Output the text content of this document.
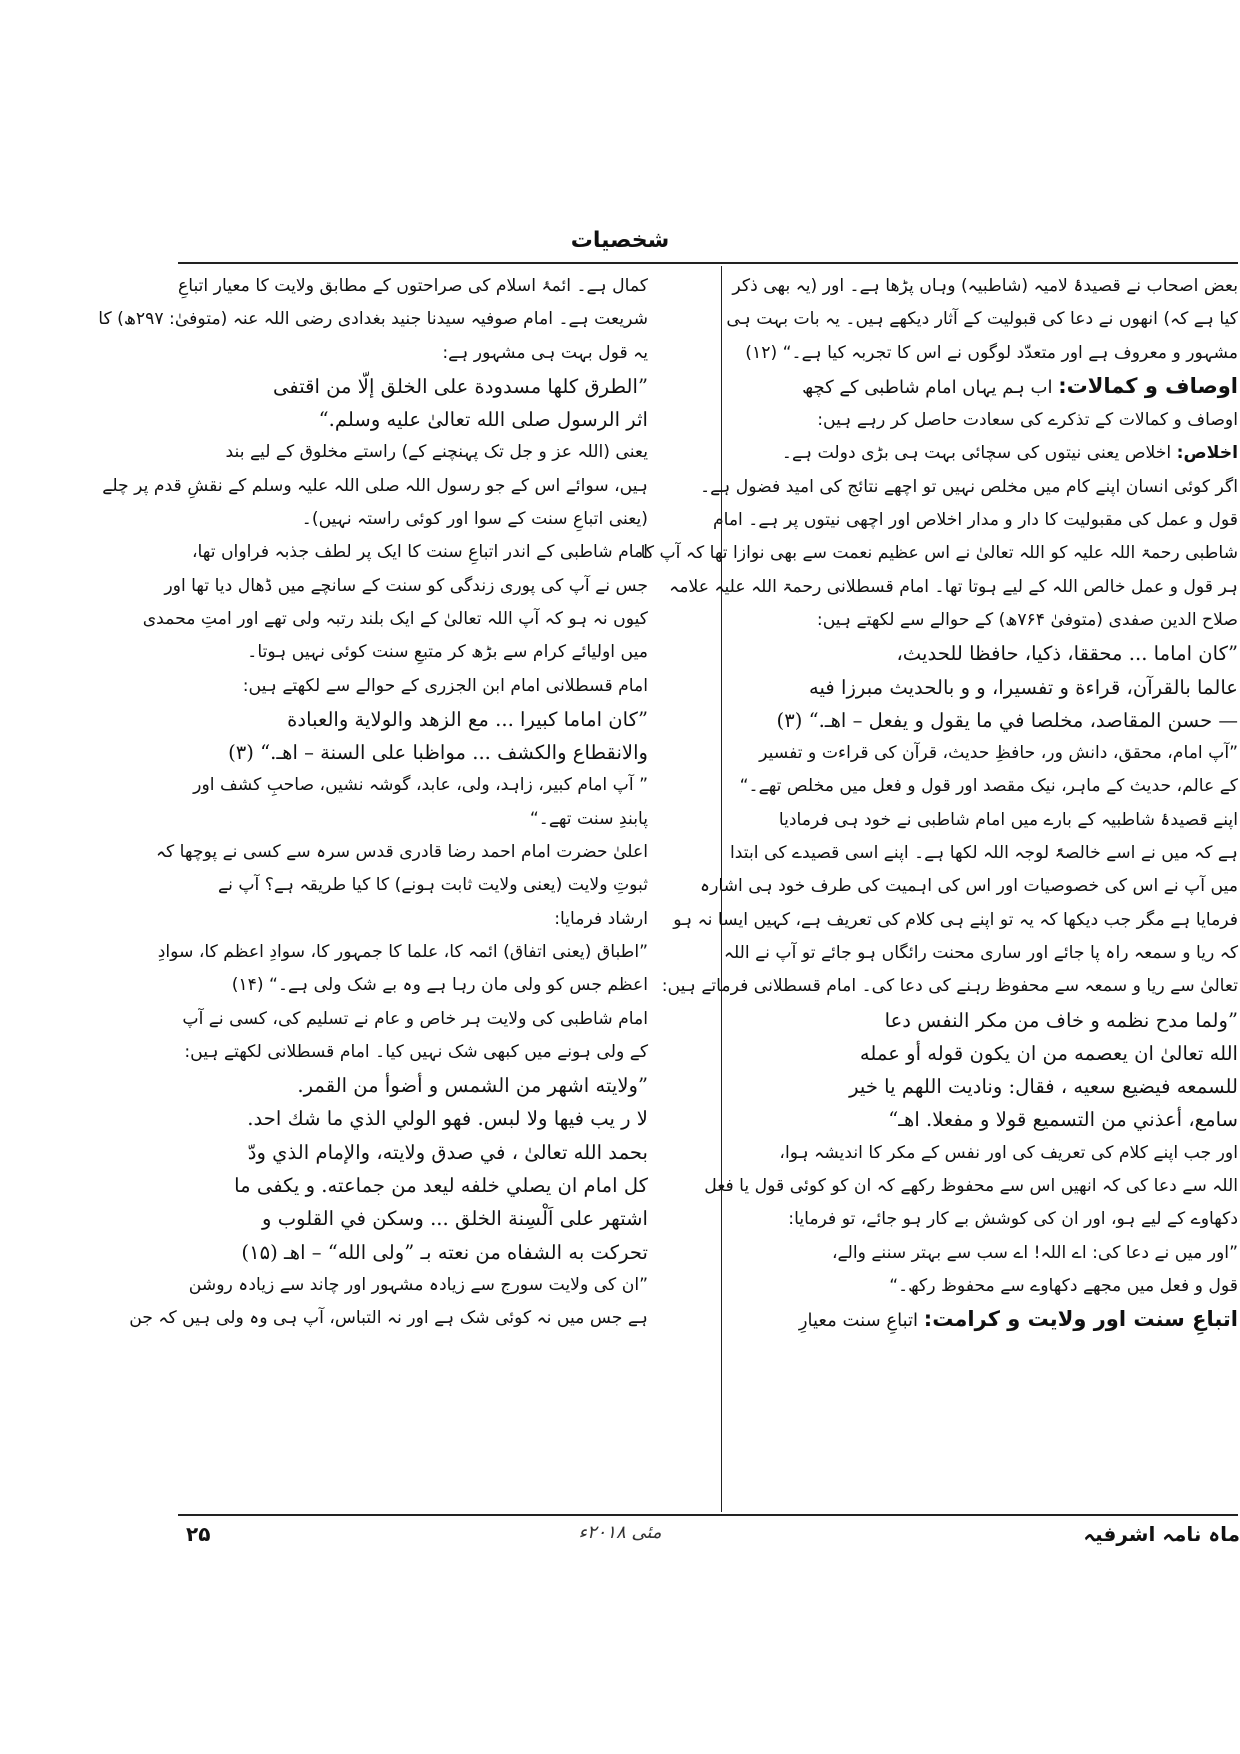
شخصیات
بعض اصحاب نے قصیدۂ لامیہ (شاطبیہ) وہاں پڑھا ہے۔ اور (یہ بھی ذکر
کیا ہے کہ) انھوں نے دعا کی قبولیت کے آثار دیکھے ہیں۔ یہ بات بہت ہی
مشہور و معروف ہے اور متعدّد لوگوں نے اس کا تجربہ کیا ہے۔“ (۱۲)
اوصاف و کمالات: اب ہم یہاں امام شاطبی کے کچھ
اوصاف و کمالات کے تذکرے کی سعادت حاصل کر رہے ہیں:
اخلاص: اخلاص یعنی نیتوں کی سچائی بہت ہی بڑی دولت ہے۔
اگر کوئی انسان اپنے کام میں مخلص نہیں تو اچھے نتائج کی امید فضول ہے۔
قول و عمل کی مقبولیت کا دار و مدار اخلاص اور اچھی نیتوں پر ہے۔ امام
شاطبی رحمۃ اللہ علیہ کو اللہ تعالیٰ نے اس عظیم نعمت سے بھی نوازا تھا کہ آپ کا
ہر قول و عمل خالص اللہ کے لیے ہوتا تھا۔ امام قسطلانی رحمۃ اللہ علیہ علامہ
صلاح الدین صفدی (متوفیٰ ۷۶۴ھ) کے حوالے سے لکھتے ہیں:
”کان اماما ... محققا، ذکیا، حافظا للحدیث،
عالما بالقرآن، قراءة و تفسیرا، و و بالحدیث مبرزا فیه
— حسن المقاصد، مخلصا في ما یقول و یفعل – اهـ.“ (۳)
”آپ امام، محقق، دانش ور، حافظِ حدیث، قرآن کی قراءت و تفسیر
کے عالم، حدیث کے ماہر، نیک مقصد اور قول و فعل میں مخلص تھے۔“
اپنے قصیدۂ شاطبیہ کے بارے میں امام شاطبی نے خود ہی فرمادیا
ہے کہ میں نے اسے خالصۃً لوجہ اللہ لکھا ہے۔ اپنے اسی قصیدے کی ابتدا
میں آپ نے اس کی خصوصیات اور اس کی اہمیت کی طرف خود ہی اشارہ
فرمایا ہے مگر جب دیکھا کہ یہ تو اپنے ہی کلام کی تعریف ہے، کہیں ایسا نہ ہو
کہ ریا و سمعہ راہ پا جائے اور ساری محنت رائگاں ہو جائے تو آپ نے اللہ
تعالیٰ سے ریا و سمعہ سے محفوظ رہنے کی دعا کی۔ امام قسطلانی فرماتے ہیں:
”ولما مدح نظمه و خاف من مکر النفس دعا
الله تعالیٰ ان یعصمه من ان یکون قوله أو عمله
للسمعه فیضیع سعیه ، فقال: ونادیت اللهم یا خیر
سامع، أعذني من التسمیع قولا و مفعلا. اهـ“
اور جب اپنے کلام کی تعریف کی اور نفس کے مکر کا اندیشہ ہوا،
اللہ سے دعا کی کہ انھیں اس سے محفوظ رکھے کہ ان کو کوئی قول یا فعل
دکھاوے کے لیے ہو، اور ان کی کوشش بے کار ہو جائے، تو فرمایا:
”اور میں نے دعا کی: اے اللہ! اے سب سے بہتر سننے والے،
قول و فعل میں مجھے دکھاوے سے محفوظ رکھ۔“
اتباعِ سنت اور ولایت و کرامت: اتباعِ سنت معیارِ
کمال ہے۔ ائمۂ اسلام کی صراحتوں کے مطابق ولایت کا معیار اتباعِ
شریعت ہے۔ امام صوفیہ سیدنا جنید بغدادی رضی اللہ عنہ (متوفیٰ: ۲۹۷ھ) کا
یہ قول بہت ہی مشہور ہے:
”الطرق کلها مسدودة علی الخلق إلّا من اقتفی
اثر الرسول صلی الله تعالیٰ علیه وسلم.“
یعنی (اللہ عز و جل تک پہنچنے کے) راستے مخلوق کے لیے بند
ہیں، سوائے اس کے جو رسول اللہ صلی اللہ علیہ وسلم کے نقشِ قدم پر چلے
(یعنی اتباعِ سنت کے سوا اور کوئی راستہ نہیں)۔
امام شاطبی کے اندر اتباعِ سنت کا ایک پر لطف جذبہ فراواں تھا،
جس نے آپ کی پوری زندگی کو سنت کے سانچے میں ڈھال دیا تھا اور
کیوں نہ ہو کہ آپ اللہ تعالیٰ کے ایک بلند رتبہ ولی تھے اور امتِ محمدی
میں اولیائے کرام سے بڑھ کر متبعِ سنت کوئی نہیں ہوتا۔
امام قسطلانی امام ابن الجزری کے حوالے سے لکھتے ہیں:
”کان اماما کبیرا ... مع الزهد والولایة والعبادة
والانقطاع والکشف ... مواظبا علی السنة – اهـ.“ (۳)
” آپ امام کبیر، زاہد، ولی، عابد، گوشہ نشیں، صاحبِ کشف اور
پابندِ سنت تھے۔“
اعلیٰ حضرت امام احمد رضا قادری قدس سرہ سے کسی نے پوچھا کہ
ثبوتِ ولایت (یعنی ولایت ثابت ہونے) کا کیا طریقہ ہے؟ آپ نے
ارشاد فرمایا:
”اطباق (یعنی اتفاق) ائمہ کا، علما کا جمہور کا، سوادِ اعظم کا، سوادِ
اعظم جس کو ولی مان رہا ہے وہ بے شک ولی ہے۔“ (۱۴)
امام شاطبی کی ولایت ہر خاص و عام نے تسلیم کی، کسی نے آپ
کے ولی ہونے میں کبھی شک نہیں کیا۔ امام قسطلانی لکھتے ہیں:
”ولایته اشهر من الشمس و أضوأ من القمر.
لا ر یب فیها ولا لبس. فهو الولي الذي ما شك احد.
بحمد الله تعالیٰ ، في صدق ولایته، والإمام الذي ودّ
کل امام ان یصلي خلفه لیعد من جماعته. و یکفی ما
اشتهر علی اَلْسِنة الخلق ... وسکن في القلوب و
تحرکت به الشفاه من نعته بـ ”ولی الله“ – اهـ (۱۵)
”ان کی ولایت سورج سے زیادہ مشہور اور چاند سے زیادہ روشن
ہے جس میں نہ کوئی شک ہے اور نہ التباس، آپ ہی وہ ولی ہیں کہ جن
مئی ۲۰۱۸ء
۲۵	ماہ نامہ اشرفیہ
